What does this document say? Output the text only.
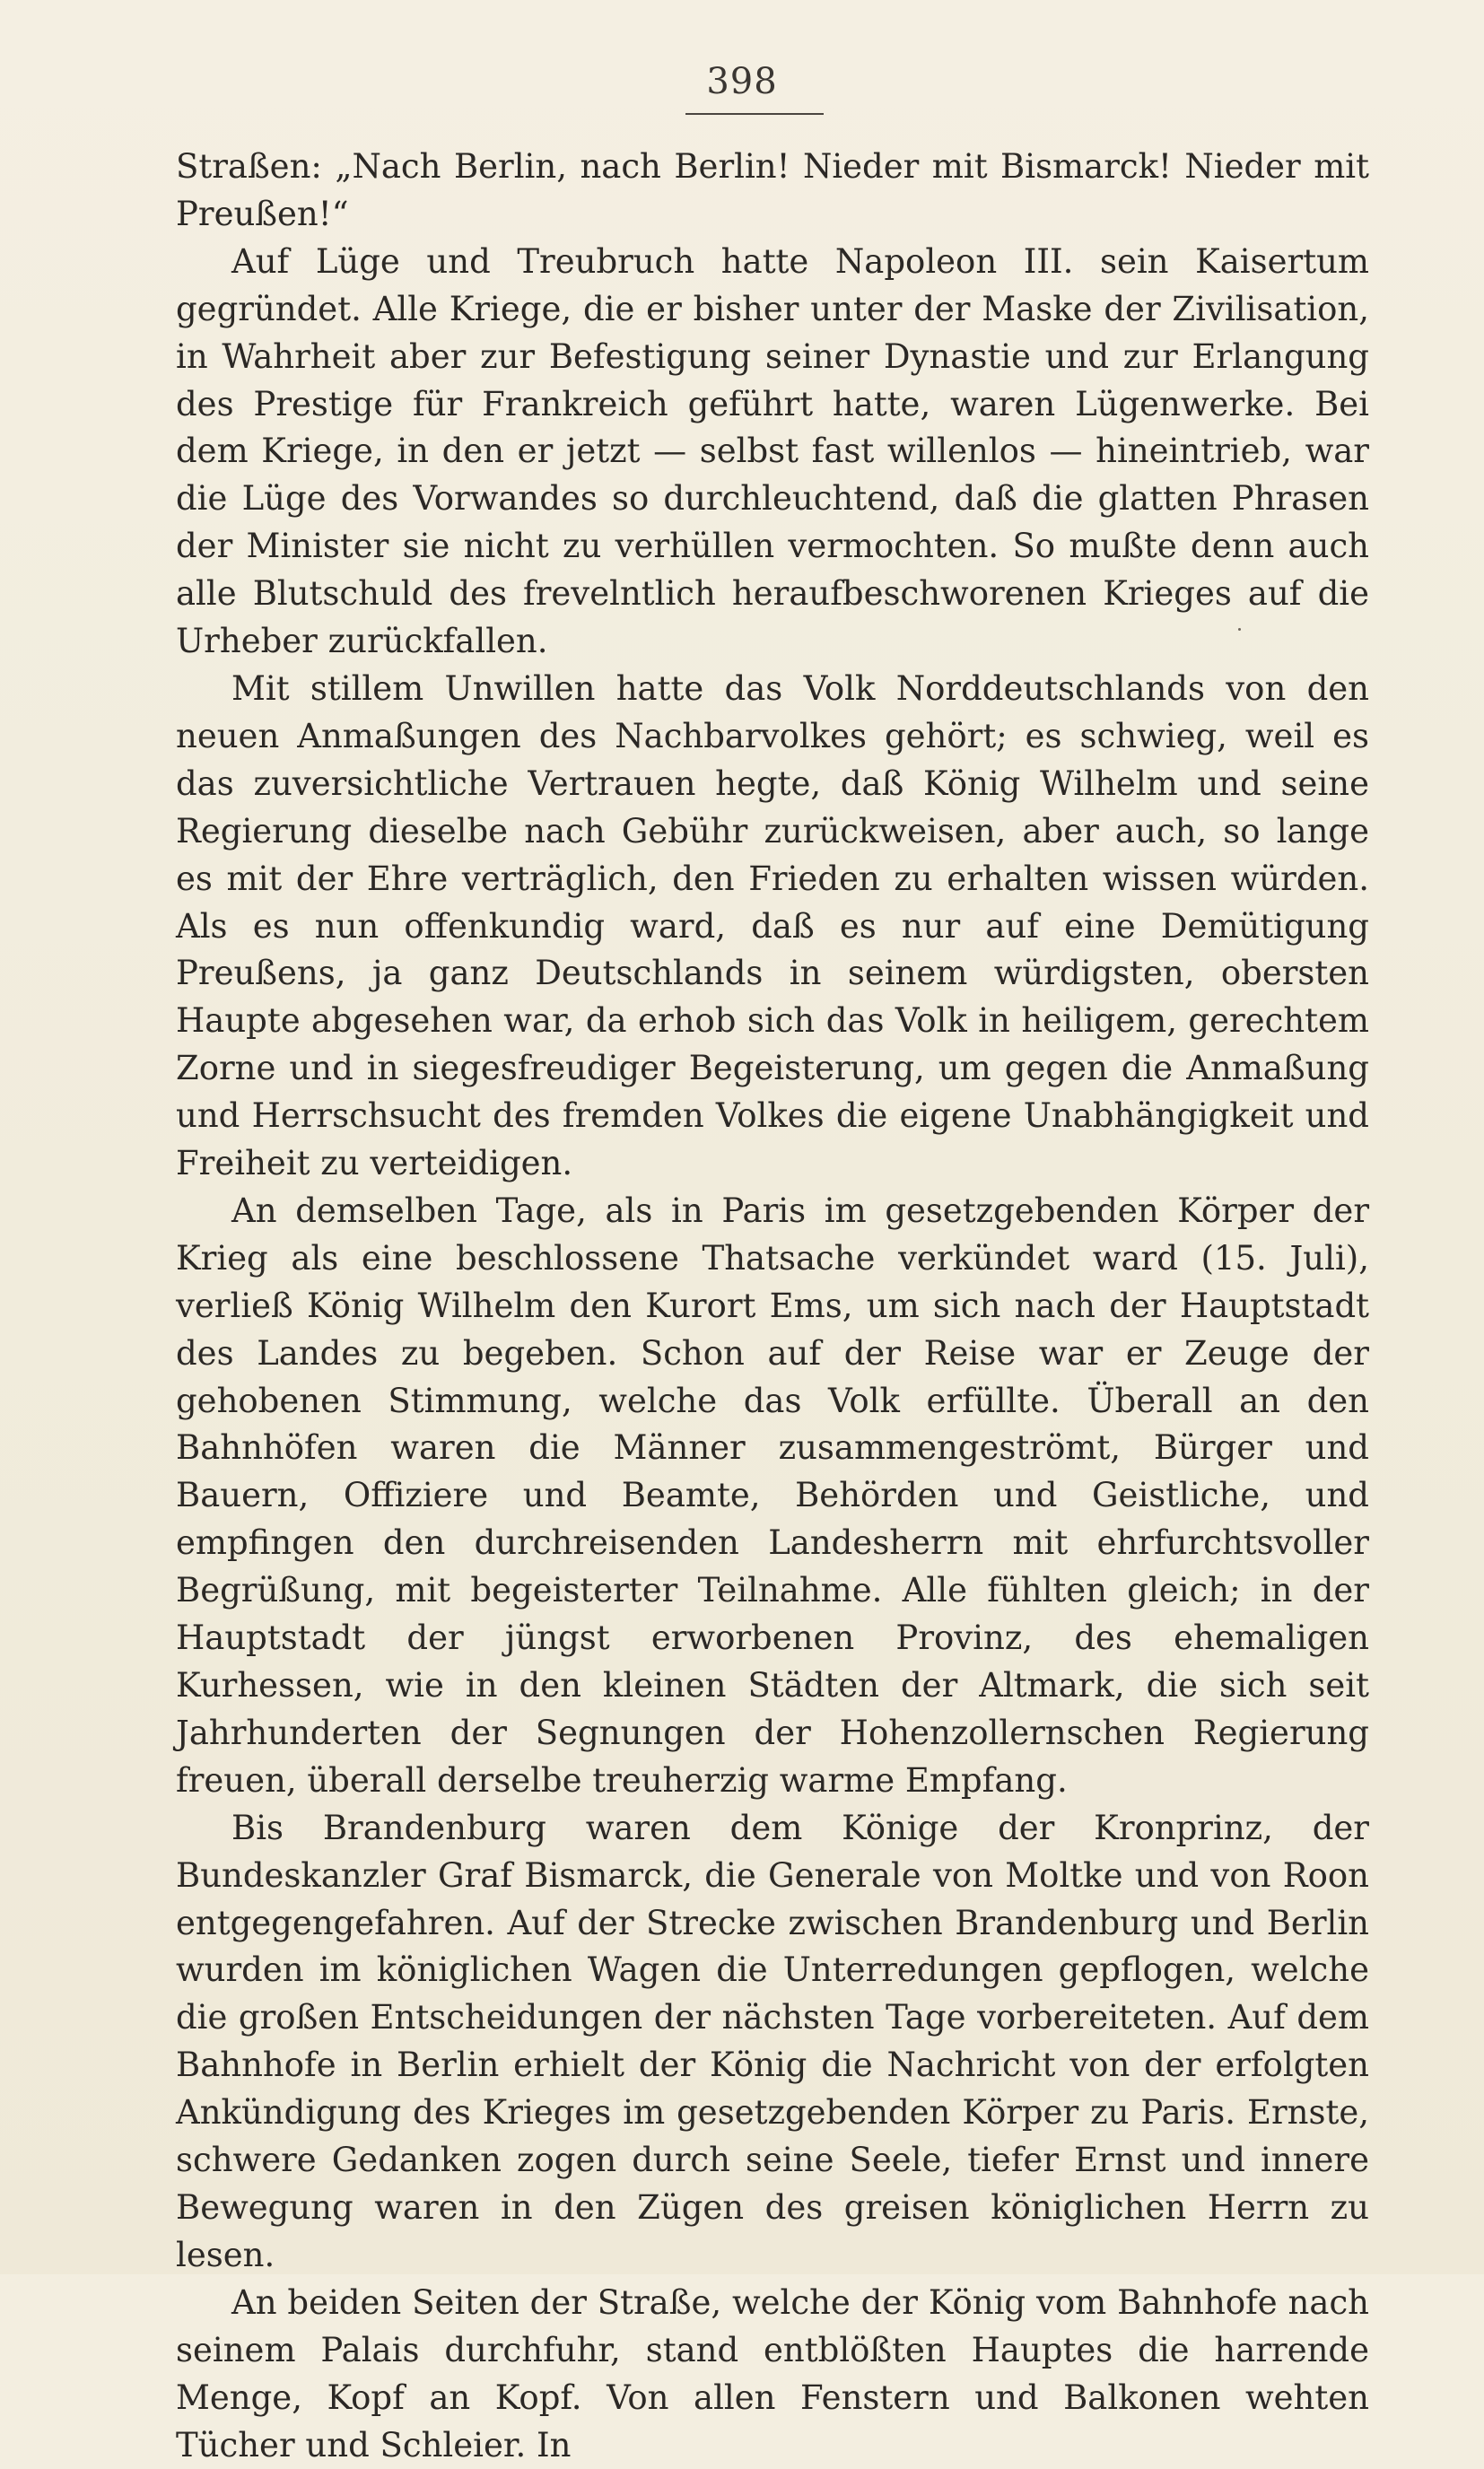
398

Straßen: „Nach Berlin, nach Berlin! Nieder mit Bismarck! Nieder mit Preußen!“

Auf Lüge und Treubruch hatte Napoleon III. sein Kaisertum gegründet. Alle Kriege, die er bisher unter der Maske der Zivilisation, in Wahrheit aber zur Befestigung seiner Dynastie und zur Erlangung des Prestige für Frankreich geführt hatte, waren Lügenwerke. Bei dem Kriege, in den er jetzt — selbst fast willenlos — hineintrieb, war die Lüge des Vorwandes so durchleuchtend, daß die glatten Phrasen der Minister sie nicht zu verhüllen vermochten. So mußte denn auch alle Blutschuld des frevelntlich heraufbeschworenen Krieges auf die Urheber zurückfallen.

Mit stillem Unwillen hatte das Volk Norddeutschlands von den neuen Anmaßungen des Nachbarvolkes gehört; es schwieg, weil es das zuversichtliche Vertrauen hegte, daß König Wilhelm und seine Regierung dieselbe nach Gebühr zurückweisen, aber auch, so lange es mit der Ehre verträglich, den Frieden zu erhalten wissen würden. Als es nun offenkundig ward, daß es nur auf eine Demütigung Preußens, ja ganz Deutschlands in seinem würdigsten, obersten Haupte abgesehen war, da erhob sich das Volk in heiligem, gerechtem Zorne und in siegesfreudiger Begeisterung, um gegen die Anmaßung und Herrschsucht des fremden Volkes die eigene Unabhängigkeit und Freiheit zu verteidigen.

An demselben Tage, als in Paris im gesetzgebenden Körper der Krieg als eine beschlossene Thatsache verkündet ward (15. Juli), verließ König Wilhelm den Kurort Ems, um sich nach der Hauptstadt des Landes zu begeben. Schon auf der Reise war er Zeuge der gehobenen Stimmung, welche das Volk erfüllte. Überall an den Bahnhöfen waren die Männer zusammengeströmt, Bürger und Bauern, Offiziere und Beamte, Behörden und Geistliche, und empfingen den durchreisenden Landesherrn mit ehrfurchtsvoller Begrüßung, mit begeisterter Teilnahme. Alle fühlten gleich; in der Hauptstadt der jüngst erworbenen Provinz, des ehemaligen Kurhessen, wie in den kleinen Städten der Altmark, die sich seit Jahrhunderten der Segnungen der Hohenzollernschen Regierung freuen, überall derselbe treuherzig warme Empfang.

Bis Brandenburg waren dem Könige der Kronprinz, der Bundeskanzler Graf Bismarck, die Generale von Moltke und von Roon entgegengefahren. Auf der Strecke zwischen Brandenburg und Berlin wurden im königlichen Wagen die Unterredungen gepflogen, welche die großen Entscheidungen der nächsten Tage vorbereiteten. Auf dem Bahnhofe in Berlin erhielt der König die Nachricht von der erfolgten Ankündigung des Krieges im gesetzgebenden Körper zu Paris. Ernste, schwere Gedanken zogen durch seine Seele, tiefer Ernst und innere Bewegung waren in den Zügen des greisen königlichen Herrn zu lesen.

An beiden Seiten der Straße, welche der König vom Bahnhofe nach seinem Palais durchfuhr, stand entblößten Hauptes die harrende Menge, Kopf an Kopf. Von allen Fenstern und Balkonen wehten Tücher und Schleier. In
